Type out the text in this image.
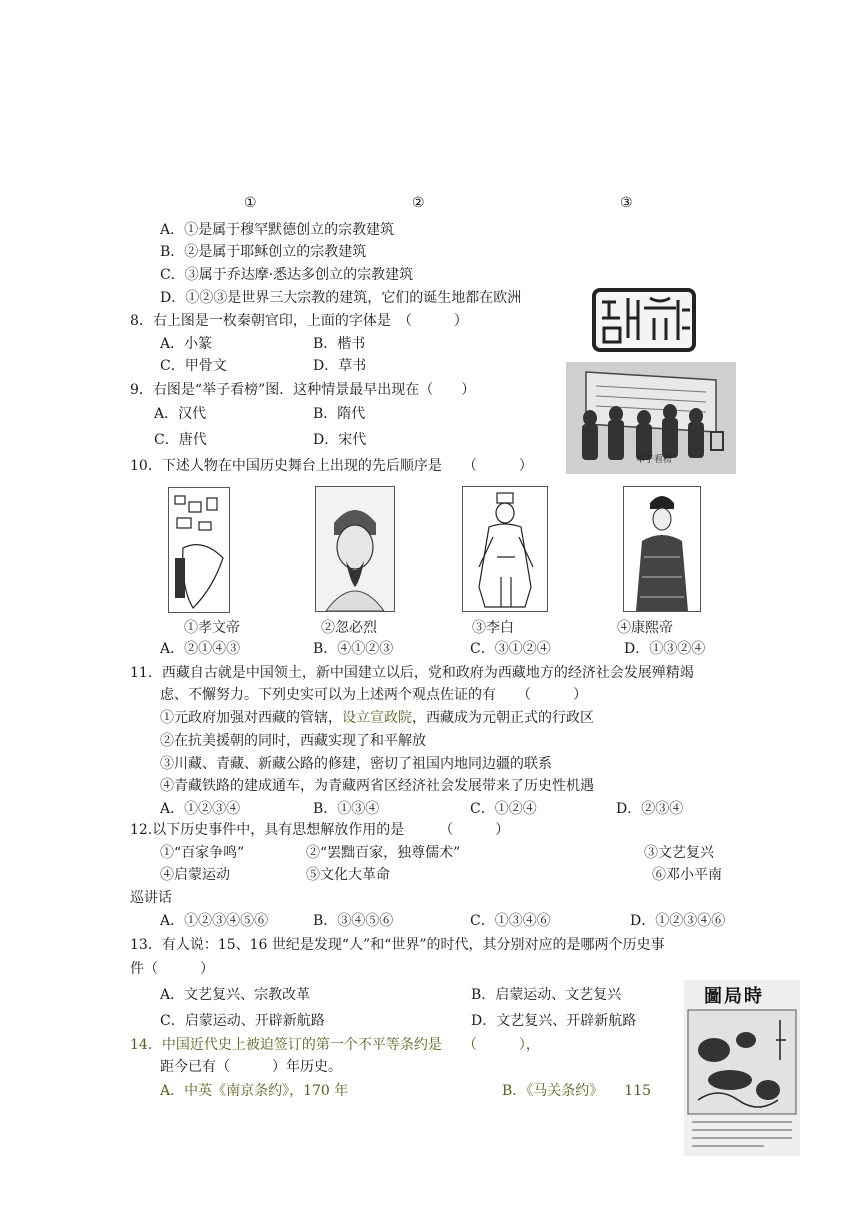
①	②	③
A．①是属于穆罕默德创立的宗教建筑
B．②是属于耶稣创立的宗教建筑
C．③属于乔达摩·悉达多创立的宗教建筑
D．①②③是世界三大宗教的建筑，它们的诞生地都在欧洲
8．右上图是一枚秦朝官印，上面的字体是　（　　　）
A．小篆	B．楷书
C．甲骨文	D．草书
举子看榜
9．右图是“举子看榜”图．这种情景最早出现在（　　）
A．汉代	B．隋代
C．唐代	D．宋代
10．下述人物在中国历史舞台上出现的先后顺序是　　（　　　）
①孝文帝	②忽必烈	③李白	④康熙帝
A．②①④③	B．④①②③	C．③①②④	D．①③②④
11．西藏自古就是中国领土，新中国建立以后，党和政府为西藏地方的经济社会发展殚精竭
虑、不懈努力。下列史实可以为上述两个观点佐证的有　　（　　　）
①元政府加强对西藏的管辖，设立宣政院，西藏成为元朝正式的行政区
②在抗美援朝的同时，西藏实现了和平解放
③川藏、青藏、新藏公路的修建，密切了祖国内地同边疆的联系
④青藏铁路的建成通车，为青藏两省区经济社会发展带来了历史性机遇
A．①②③④	B．①③④	C．①②④	D．②③④
12.以下历史事件中，具有思想解放作用的是　　　（　　　）
①“百家争鸣”	②“罢黜百家，独尊儒术”	③文艺复兴
④启蒙运动	⑤文化大革命	⑥邓小平南
巡讲话
A．①②③④⑤⑥	B．③④⑤⑥	C．①③④⑥	D．①②③④⑥
13．有人说：15、16 世纪是发现“人”和“世界”的时代，其分别对应的是哪两个历史事
件（　　　）
A．文艺复兴、宗教改革	B．启蒙运动、文艺复兴
C．启蒙运动、开辟新航路	D．文艺复兴、开辟新航路
圖局時
14．中国近代史上被迫签订的第一个不平等条约是　　（　　　），
距今已有（　　　）年历史。
A．中英《南京条约》，170 年	B．《马关条约》　　115
